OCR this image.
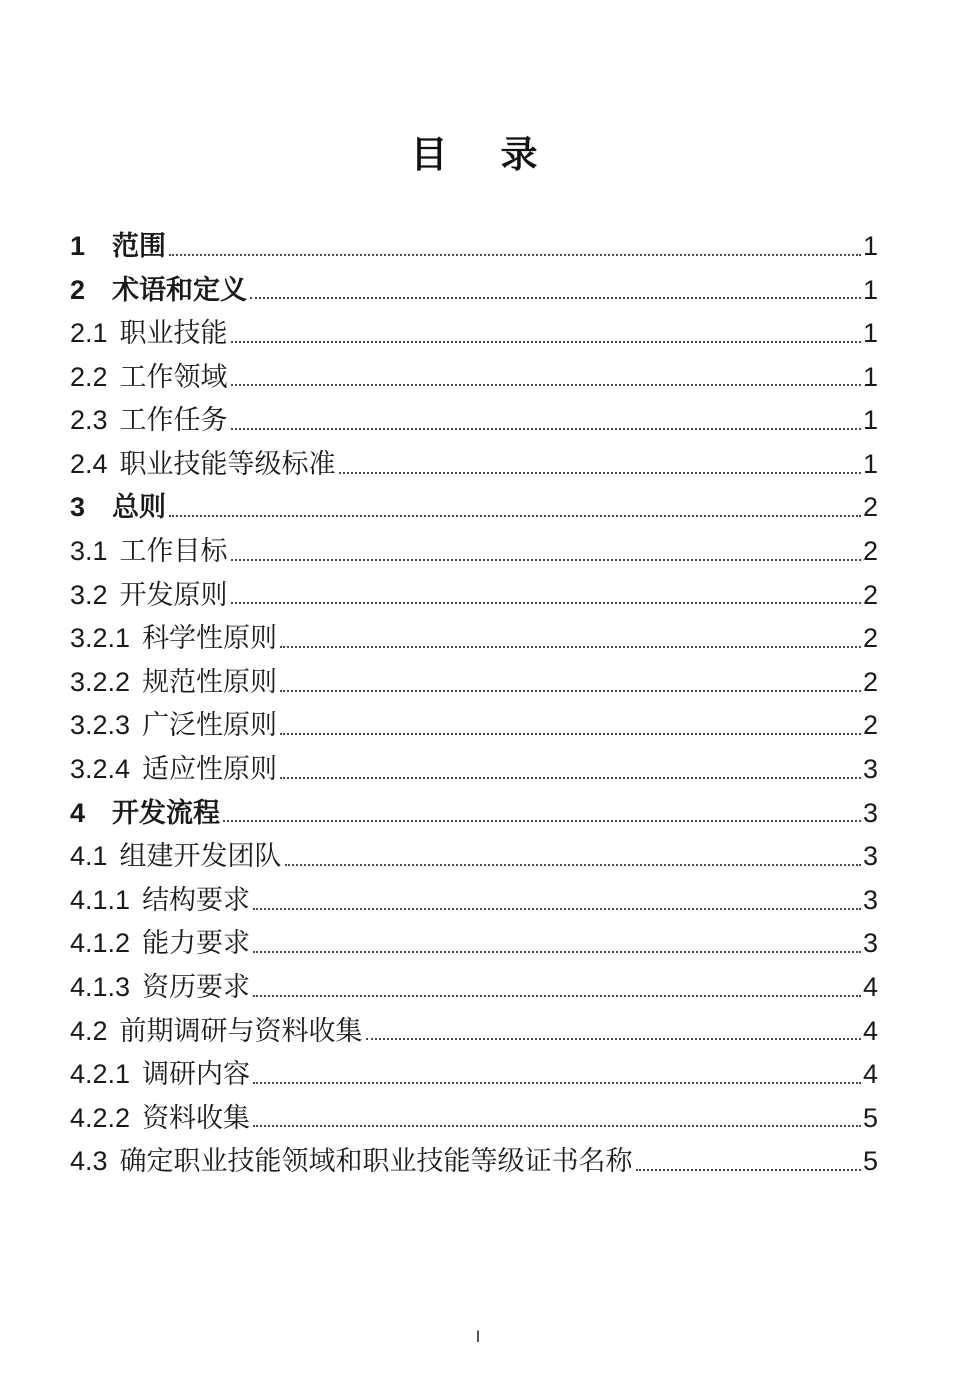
目　录
1 范围	1
2 术语和定义	1
2.1 职业技能	1
2.2 工作领域	1
2.3 工作任务	1
2.4 职业技能等级标准	1
3 总则	2
3.1 工作目标	2
3.2 开发原则	2
3.2.1 科学性原则	2
3.2.2 规范性原则	2
3.2.3 广泛性原则	2
3.2.4 适应性原则	3
4 开发流程	3
4.1 组建开发团队	3
4.1.1 结构要求	3
4.1.2 能力要求	3
4.1.3 资历要求	4
4.2 前期调研与资料收集	4
4.2.1 调研内容	4
4.2.2 资料收集	5
4.3 确定职业技能领域和职业技能等级证书名称	5
I
